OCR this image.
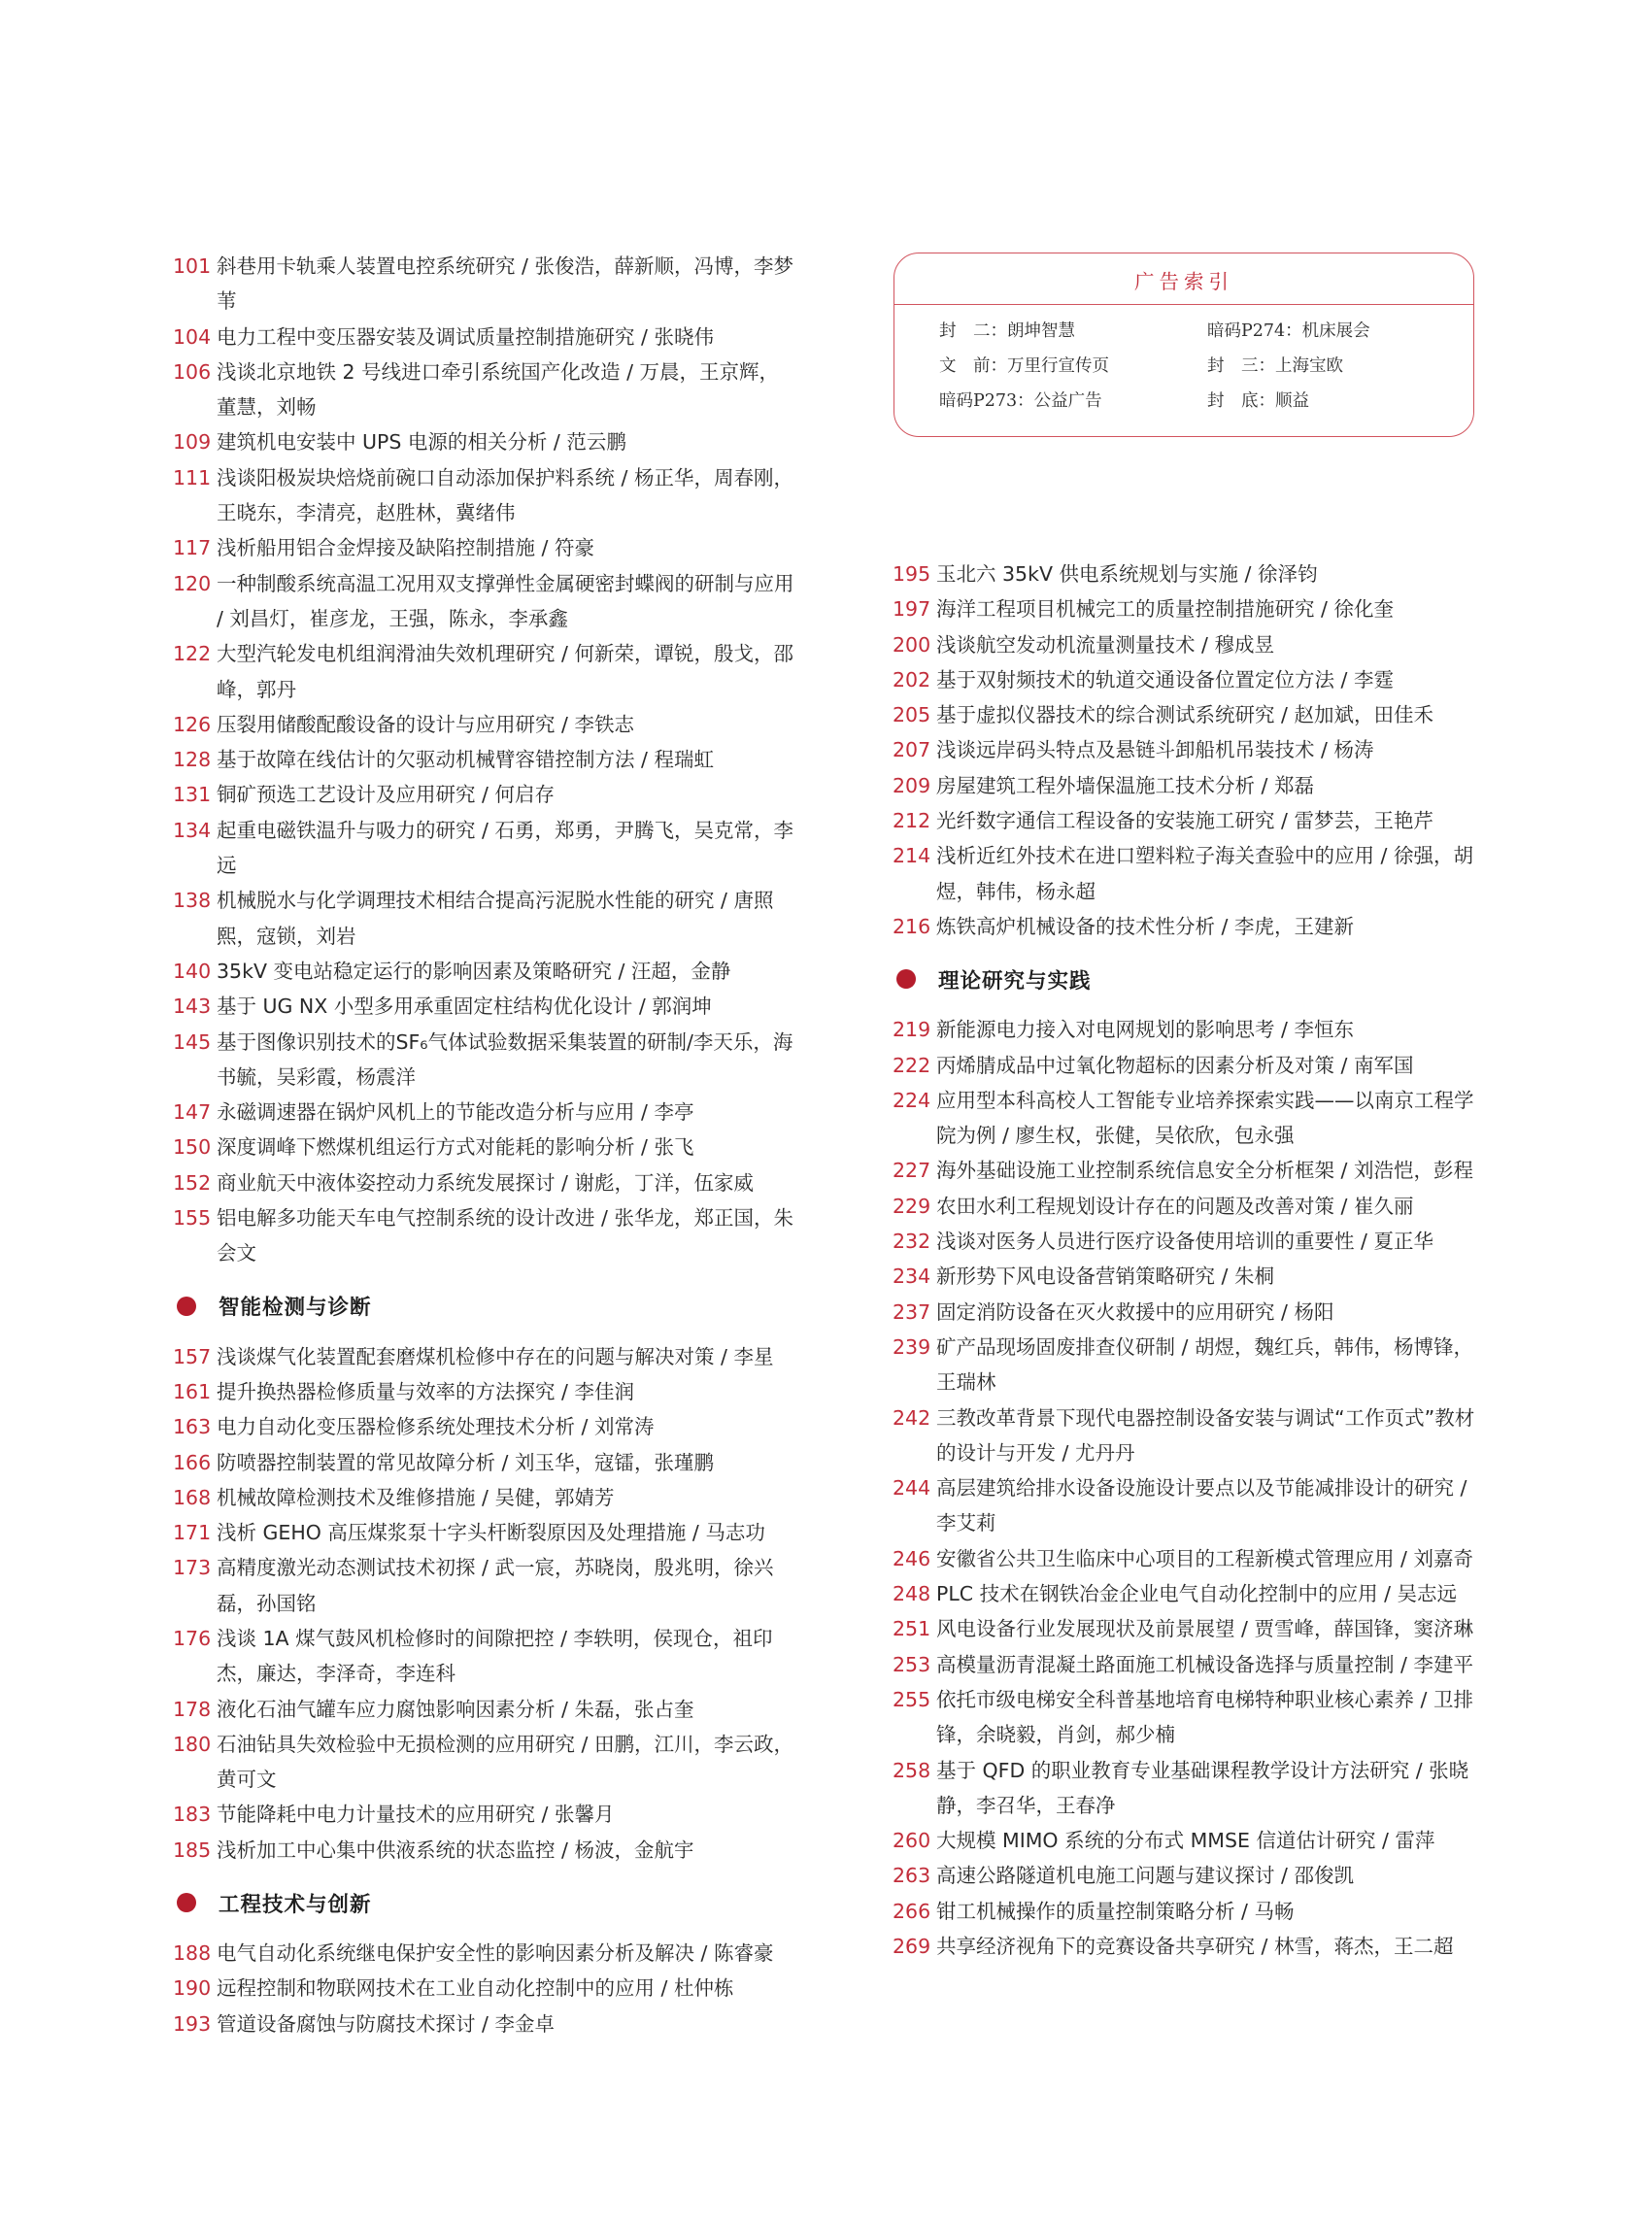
广告索引
封　二：朗坤智慧	暗码P274：机床展会
文　前：万里行宣传页	封　三：上海宝欧
暗码P273：公益广告	封　底：顺益
101 斜巷用卡轨乘人装置电控系统研究 / 张俊浩，薛新顺，冯博，李梦苇
104 电力工程中变压器安装及调试质量控制措施研究 / 张晓伟
106 浅谈北京地铁 2 号线进口牵引系统国产化改造 / 万晨，王京辉，董慧，刘畅
109 建筑机电安装中 UPS 电源的相关分析 / 范云鹏
111 浅谈阳极炭块焙烧前碗口自动添加保护料系统 / 杨正华，周春刚，王晓东，李清亮，赵胜林，冀绪伟
117 浅析船用铝合金焊接及缺陷控制措施 / 符豪
120 一种制酸系统高温工况用双支撑弹性金属硬密封蝶阀的研制与应用 / 刘昌灯，崔彦龙，王强，陈永，李承鑫
122 大型汽轮发电机组润滑油失效机理研究 / 何新荣，谭锐，殷戈，邵峰，郭丹
126 压裂用储酸配酸设备的设计与应用研究 / 李铁志
128 基于故障在线估计的欠驱动机械臂容错控制方法 / 程瑞虹
131 铜矿预选工艺设计及应用研究 / 何启存
134 起重电磁铁温升与吸力的研究 / 石勇，郑勇，尹腾飞，吴克常，李远
138 机械脱水与化学调理技术相结合提高污泥脱水性能的研究 / 唐照熙，寇锁，刘岩
140 35kV 变电站稳定运行的影响因素及策略研究 / 汪超，金静
143 基于 UG NX 小型多用承重固定柱结构优化设计 / 郭润坤
145 基于图像识别技术的SF₆气体试验数据采集装置的研制/李天乐，海书毓，吴彩霞，杨震洋
147 永磁调速器在锅炉风机上的节能改造分析与应用 / 李亭
150 深度调峰下燃煤机组运行方式对能耗的影响分析 / 张飞
152 商业航天中液体姿控动力系统发展探讨 / 谢彪，丁洋，伍家威
155 铝电解多功能天车电气控制系统的设计改进 / 张华龙，郑正国，朱会文
智能检测与诊断
157 浅谈煤气化装置配套磨煤机检修中存在的问题与解决对策 / 李星
161 提升换热器检修质量与效率的方法探究 / 李佳润
163 电力自动化变压器检修系统处理技术分析 / 刘常涛
166 防喷器控制装置的常见故障分析 / 刘玉华，寇镭，张瑾鹏
168 机械故障检测技术及维修措施 / 吴健，郭婧芳
171 浅析 GEHO 高压煤浆泵十字头杆断裂原因及处理措施 / 马志功
173 高精度激光动态测试技术初探 / 武一宸，苏晓岗，殷兆明，徐兴磊，孙国铭
176 浅谈 1A 煤气鼓风机检修时的间隙把控 / 李轶明，侯现仓，祖印杰，廉达，李泽奇，李连科
178 液化石油气罐车应力腐蚀影响因素分析 / 朱磊，张占奎
180 石油钻具失效检验中无损检测的应用研究 / 田鹏，江川，李云政，黄可文
183 节能降耗中电力计量技术的应用研究 / 张馨月
185 浅析加工中心集中供液系统的状态监控 / 杨波，金航宇
工程技术与创新
188 电气自动化系统继电保护安全性的影响因素分析及解决 / 陈睿豪
190 远程控制和物联网技术在工业自动化控制中的应用 / 杜仲栋
193 管道设备腐蚀与防腐技术探讨 / 李金卓
195 玉北六 35kV 供电系统规划与实施 / 徐泽钧
197 海洋工程项目机械完工的质量控制措施研究 / 徐化奎
200 浅谈航空发动机流量测量技术 / 穆成昱
202 基于双射频技术的轨道交通设备位置定位方法 / 李霆
205 基于虚拟仪器技术的综合测试系统研究 / 赵加斌，田佳禾
207 浅谈远岸码头特点及悬链斗卸船机吊装技术 / 杨涛
209 房屋建筑工程外墙保温施工技术分析 / 郑磊
212 光纤数字通信工程设备的安装施工研究 / 雷梦芸，王艳芹
214 浅析近红外技术在进口塑料粒子海关查验中的应用 / 徐强，胡煜，韩伟，杨永超
216 炼铁高炉机械设备的技术性分析 / 李虎，王建新
理论研究与实践
219 新能源电力接入对电网规划的影响思考 / 李恒东
222 丙烯腈成品中过氧化物超标的因素分析及对策 / 南军国
224 应用型本科高校人工智能专业培养探索实践——以南京工程学院为例 / 廖生权，张健，吴依欣，包永强
227 海外基础设施工业控制系统信息安全分析框架 / 刘浩恺，彭程
229 农田水利工程规划设计存在的问题及改善对策 / 崔久丽
232 浅谈对医务人员进行医疗设备使用培训的重要性 / 夏正华
234 新形势下风电设备营销策略研究 / 朱桐
237 固定消防设备在灭火救援中的应用研究 / 杨阳
239 矿产品现场固废排查仪研制 / 胡煜，魏红兵，韩伟，杨博锋，王瑞林
242 三教改革背景下现代电器控制设备安装与调试“工作页式”教材的设计与开发 / 尤丹丹
244 高层建筑给排水设备设施设计要点以及节能减排设计的研究 / 李艾莉
246 安徽省公共卫生临床中心项目的工程新模式管理应用 / 刘嘉奇
248 PLC 技术在钢铁冶金企业电气自动化控制中的应用 / 吴志远
251 风电设备行业发展现状及前景展望 / 贾雪峰，薛国锋，窦济琳
253 高模量沥青混凝土路面施工机械设备选择与质量控制 / 李建平
255 依托市级电梯安全科普基地培育电梯特种职业核心素养 / 卫排锋，余晓毅，肖剑，郝少楠
258 基于 QFD 的职业教育专业基础课程教学设计方法研究 / 张晓静，李召华，王春净
260 大规模 MIMO 系统的分布式 MMSE 信道估计研究 / 雷萍
263 高速公路隧道机电施工问题与建议探讨 / 邵俊凯
266 钳工机械操作的质量控制策略分析 / 马畅
269 共享经济视角下的竞赛设备共享研究 / 林雪，蒋杰，王二超
